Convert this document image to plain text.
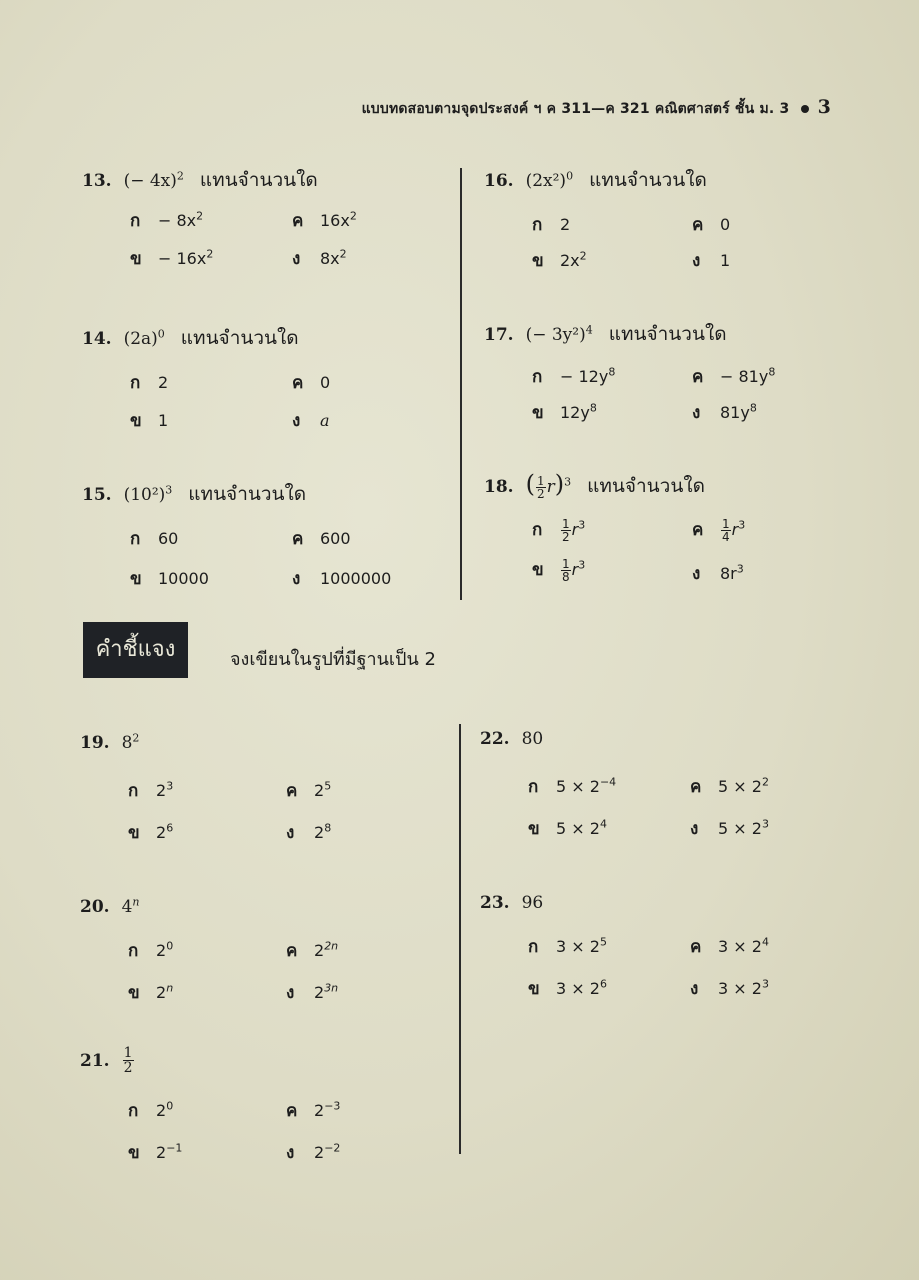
แบบทดสอบตามจุดประสงค์ ฯ ค 311—ค 321 คณิตศาสตร์ ชั้น ม. 3 3
13. (− 4x)$^2$ แทนจำนวนใด
ก − $8x^2$
ข − $16x^2$
ค $16x^2$
ง $8x^2$
14. $(2a)^0$ แทนจำนวนใด
ก 2
ข 1
ค 0
ง a
15. $(10^2)^3$ แทนจำนวนใด
ก 60
ข 10000
ค 600
ง 1000000
16. $(2x^2)^0$ แทนจำนวนใด
ก 2
ข $2x^2$
ค 0
ง 1
17. (− 3y²)$^4$ แทนจำนวนใด
ก − $12y^8$
ข $12y^8$
ค − $81y^8$
ง $81y^8$
18. ( $\frac{1}{2} r)^3$ แทนจำนวนใด
ก $\frac{1}{2} r^3$
ข $\frac{1}{8} r^3$
ค $\frac{1}{4} r^3$
ง $8r^3$
คำชี้แจง	จงเขียนในรูปที่มีฐานเป็น 2
19. $8^2$
ก $2^3$
ข $2^6$
ค $2^5$
ง $2^8$
20. 4$^n$
ก $2^0$
ข 2$^n$
ค $2^{2n}$
ง $2^{3n}$
21. $\frac{1}{2}$
ก $2^0$
ข $2^{-1}$
ค $2^{-3}$
ง $2^{-2}$
22. 80
ก $5 \times 2^{-4}$
ข $5 \times 2^4$
ค $5 \times 2^2$
ง $5 \times 2^3$
23. 96
ก $3 \times 2^5$
ข $3 \times 2^6$
ค $3 \times 2^4$
ง $3 \times 2^3$
